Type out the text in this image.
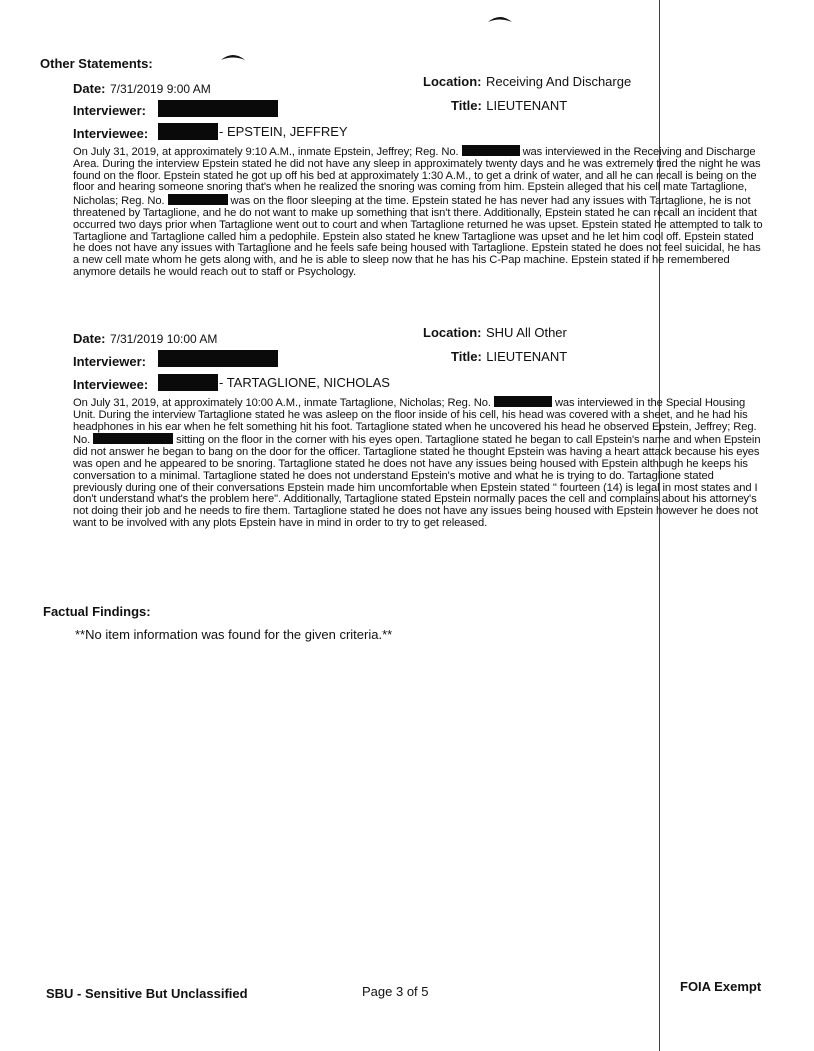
Other Statements:
Date: 7/31/2019 9:00 AM	Location: Receiving And Discharge
Interviewer:	Title: LIEUTENANT
Interviewee:	- EPSTEIN, JEFFREY
On July 31, 2019, at approximately 9:10 A.M., inmate Epstein, Jeffrey; Reg. No.	was interviewed in the Receiving and Discharge Area. During the interview Epstein stated he did not have any sleep in approximately twenty days and he was extremely tired the night he was found on the floor. Epstein stated he got up off his bed at approximately 1:30 A.M., to get a drink of water, and all he can recall is being on the floor and hearing someone snoring that's when he realized the snoring was coming from him. Epstein alleged that his cell mate Tartaglione, Nicholas; Reg. No.	was on the floor sleeping at the time. Epstein stated he has never had any issues with Tartaglione, he is not threatened by Tartaglione, and he do not want to make up something that isn't there. Additionally, Epstein stated he can recall an incident that occurred two days prior when Tartaglione went out to court and when Tartaglione returned he was upset. Epstein stated he attempted to talk to Tartaglione and Tartaglione called him a pedophile. Epstein also stated he knew Tartaglione was upset and he let him cool off. Epstein stated he does not have any issues with Tartaglione and he feels safe being housed with Tartaglione. Epstein stated he does not feel suicidal, he has a new cell mate whom he gets along with, and he is able to sleep now that he has his C-Pap machine. Epstein stated if he remembered anymore details he would reach out to staff or Psychology.
Date: 7/31/2019 10:00 AM	Location: SHU All Other
Interviewer:	Title: LIEUTENANT
Interviewee:	- TARTAGLIONE, NICHOLAS
On July 31, 2019, at approximately 10:00 A.M., inmate Tartaglione, Nicholas; Reg. No.	was interviewed in the Special Housing Unit. During the interview Tartaglione stated he was asleep on the floor inside of his cell, his head was covered with a sheet, and he had his headphones in his ear when he felt something hit his foot. Tartaglione stated when he uncovered his head he observed Epstein, Jeffrey; Reg. No.	sitting on the floor in the corner with his eyes open. Tartaglione stated he began to call Epstein's name and when Epstein did not answer he began to bang on the door for the officer. Tartaglione stated he thought Epstein was having a heart attack because his eyes was open and he appeared to be snoring. Tartaglione stated he does not have any issues being housed with Epstein although he keeps his conversation to a minimal. Tartaglione stated he does not understand Epstein's motive and what he is trying to do. Tartaglione stated previously during one of their conversations Epstein made him uncomfortable when Epstein stated " fourteen (14) is legal in most states and I don't understand what's the problem here". Additionally, Tartaglione stated Epstein normally paces the cell and complains about his attorney's not doing their job and he needs to fire them. Tartaglione stated he does not have any issues being housed with Epstein however he does not want to be involved with any plots Epstein have in mind in order to try to get released.
Factual Findings:
**No item information was found for the given criteria.**
SBU - Sensitive But Unclassified	Page 3 of 5	FOIA Exempt
